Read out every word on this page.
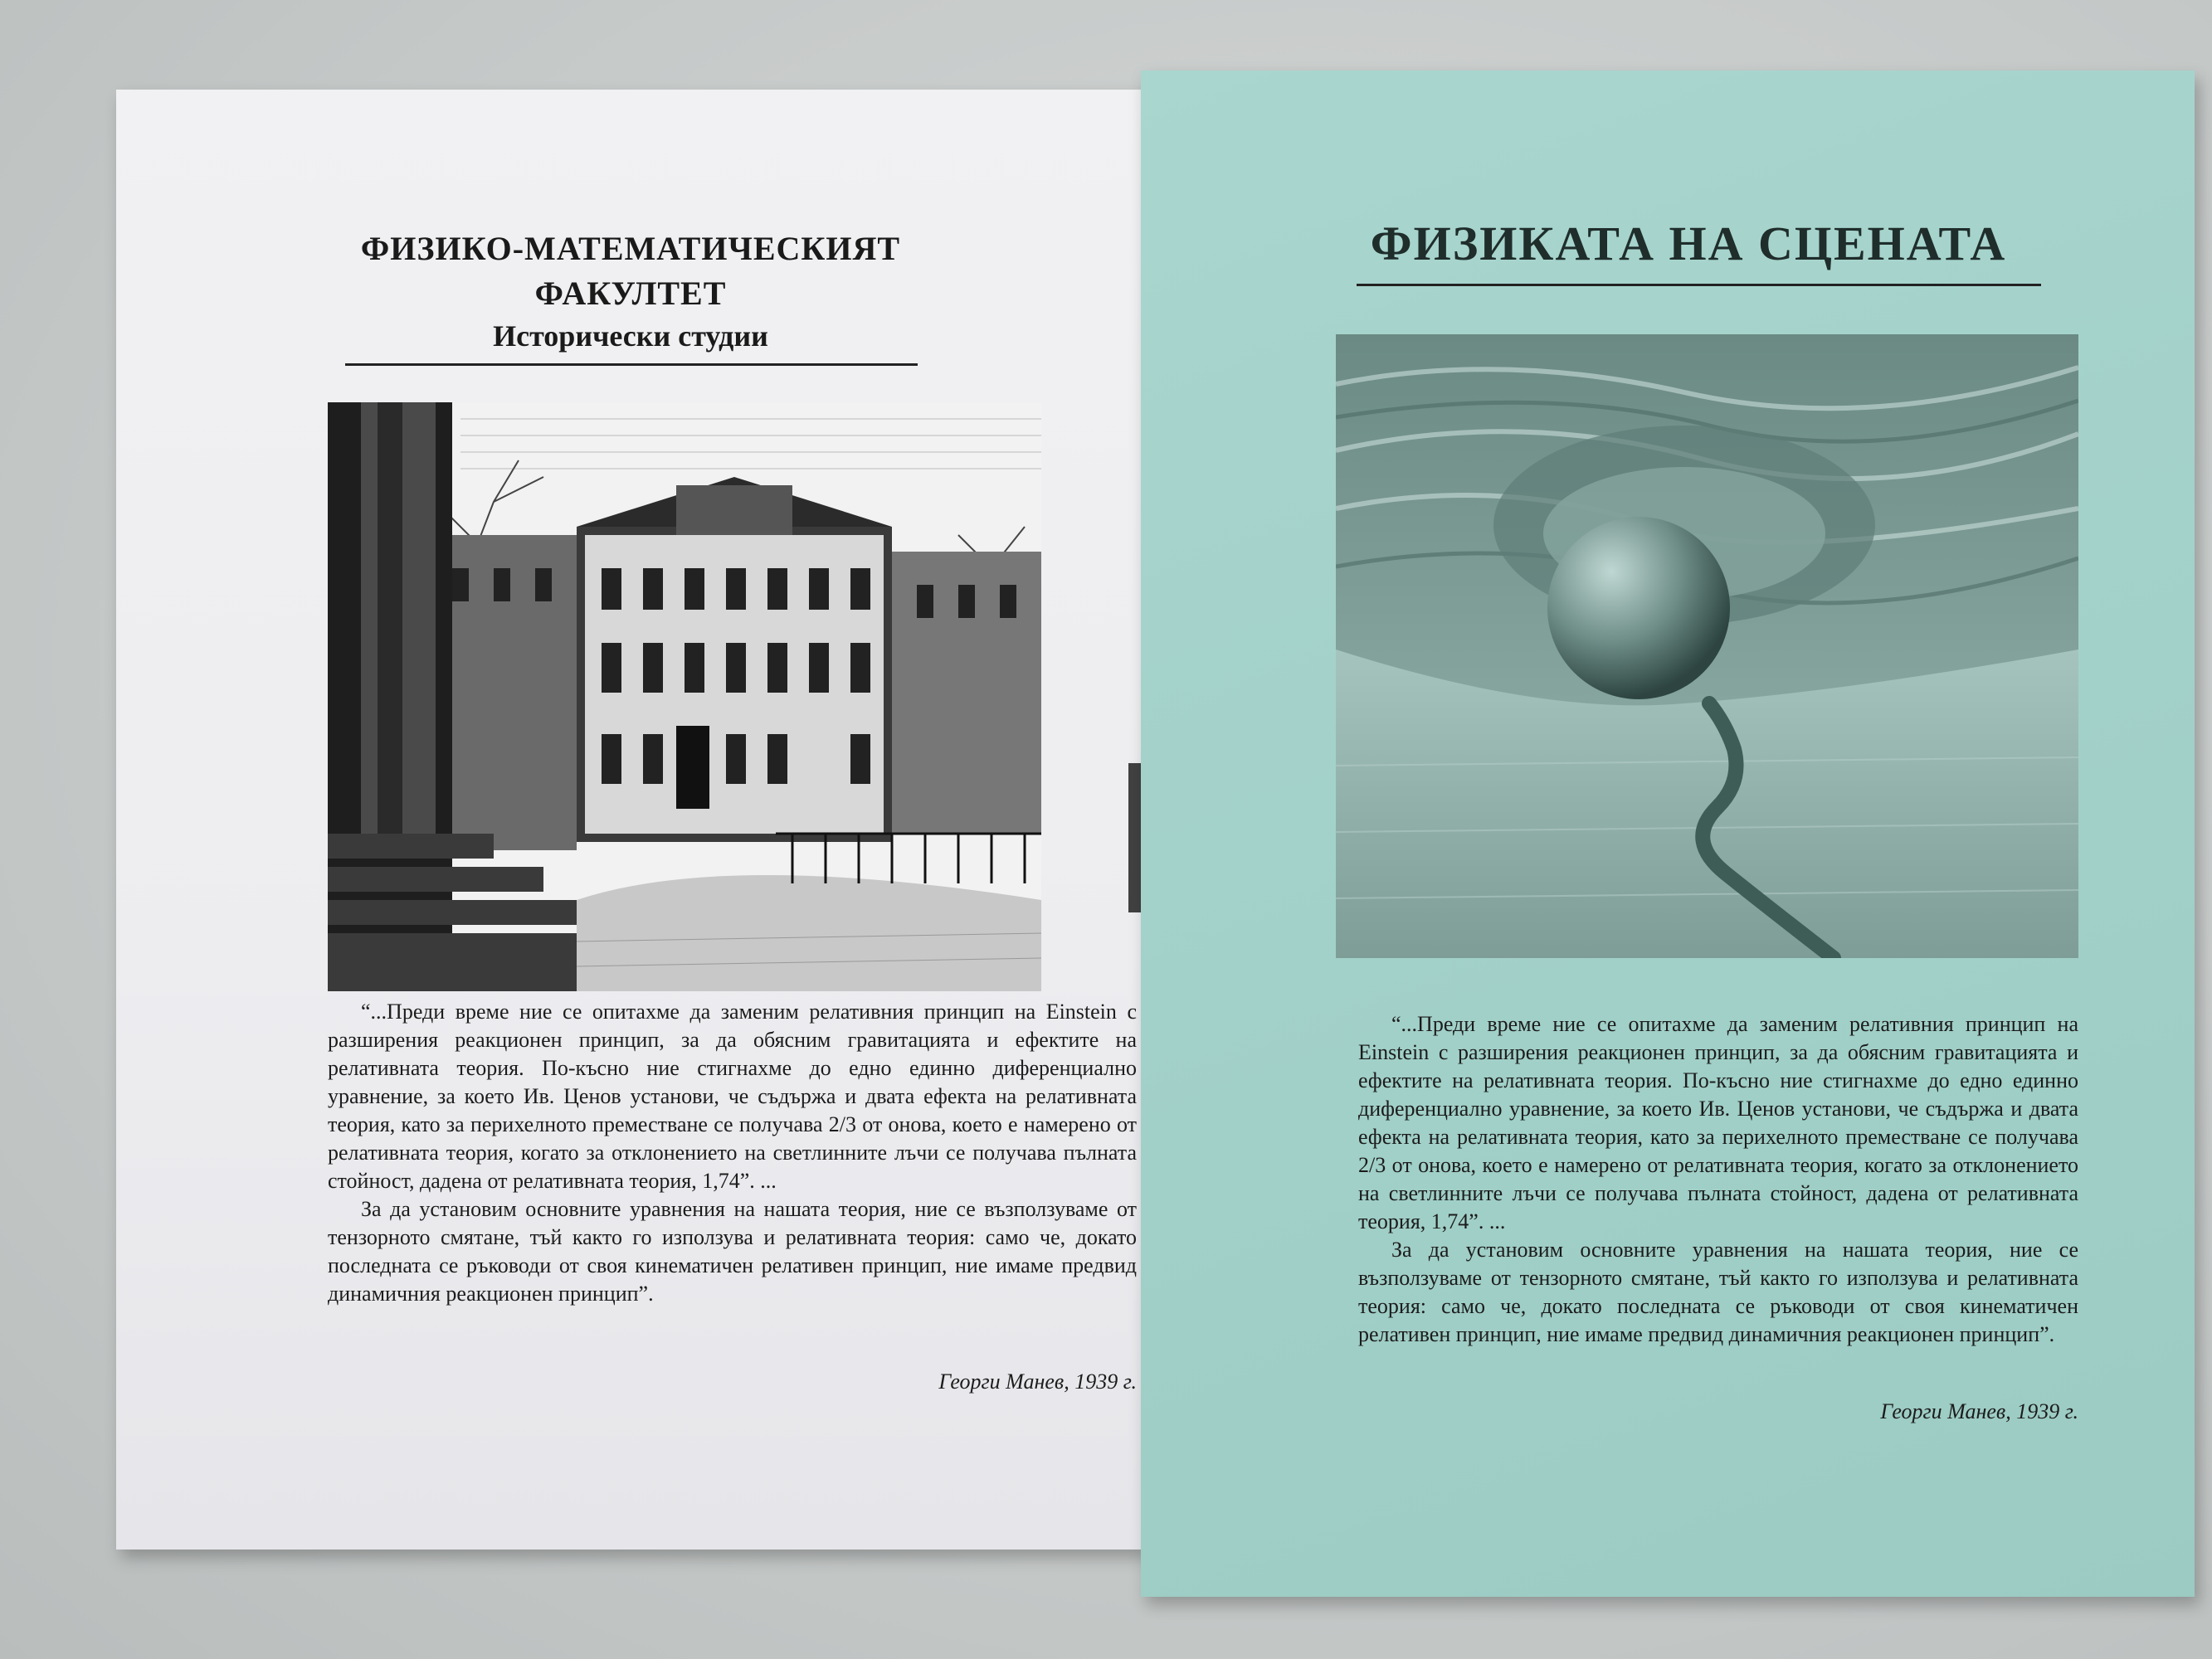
ФИЗИКО-МАТЕМАТИЧЕСКИЯТ
ФАКУЛТЕТ
Исторически студии

“...Преди време ние се опитахме да заменим релативния принцип на Einstein с разширения реакционен принцип, за да обясним гравитацията и ефектите на релативната теория. По-късно ние стигнахме до едно единно диференциално уравнение, за което Ив. Ценов установи, че съдържа и двата ефекта на релативната теория, като за перихелното преместване се получава 2/3 от онова, което е намерено от релативната теория, когато за отклонението на светлинните лъчи се получава пълната стойност, дадена от релативната теория, 1,74”. ...

За да установим основните уравнения на нашата теория, ние се възползуваме от тензорното смятане, тъй както го използува и релативната теория: само че, докато последната се ръководи от своя кинематичен релативен принцип, ние имаме предвид динамичния реакционен принцип”.

Георги Манев, 1939 г.
ФИЗИКАТА НА СЦЕНАТА

“...Преди време ние се опитахме да заменим релативния принцип на Einstein с разширения реакционен принцип, за да обясним гравитацията и ефектите на релативната теория. По-късно ние стигнахме до едно единно диференциално уравнение, за което Ив. Ценов установи, че съдържа и двата ефекта на релативната теория, като за перихелното преместване се получава 2/3 от онова, което е намерено от релативната теория, когато за отклонението на светлинните лъчи се получава пълната стойност, дадена от релативната теория, 1,74”. ...

За да установим основните уравнения на нашата теория, ние се възползуваме от тензорното смятане, тъй както го използува и релативната теория: само че, докато последната се ръководи от своя кинематичен релативен принцип, ние имаме предвид динамичния реакционен принцип”.

Георги Манев, 1939 г.
